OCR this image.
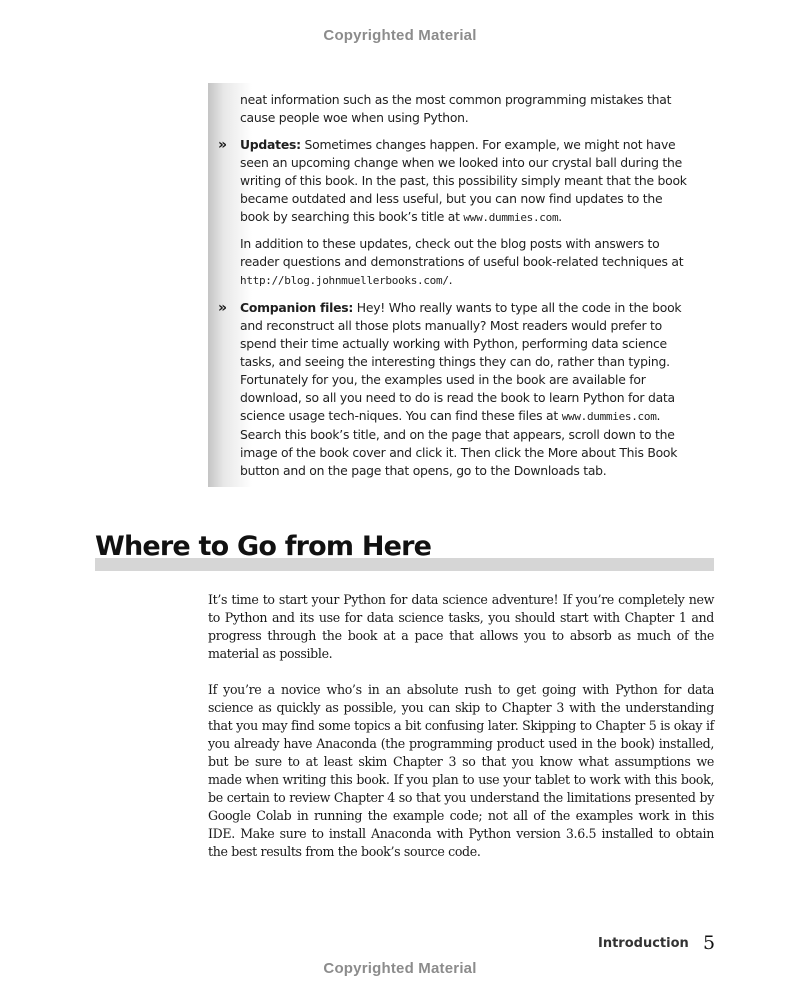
Copyrighted Material

neat information such as the most common programming mistakes that cause people woe when using Python.

»	Updates: Sometimes changes happen. For example, we might not have seen an upcoming change when we looked into our crystal ball during the writing of this book. In the past, this possibility simply meant that the book became outdated and less useful, but you can now find updates to the book by searching this book’s title at www.dummies.com.

In addition to these updates, check out the blog posts with answers to reader questions and demonstrations of useful book-related techniques at http://blog.johnmuellerbooks.com/.

»	Companion files: Hey! Who really wants to type all the code in the book and reconstruct all those plots manually? Most readers would prefer to spend their time actually working with Python, performing data science tasks, and seeing the interesting things they can do, rather than typing. Fortunately for you, the examples used in the book are available for download, so all you need to do is read the book to learn Python for data science usage tech-niques. You can find these files at www.dummies.com. Search this book’s title, and on the page that appears, scroll down to the image of the book cover and click it. Then click the More about This Book button and on the page that opens, go to the Downloads tab.

Where to Go from Here

It’s time to start your Python for data science adventure! If you’re completely new to Python and its use for data science tasks, you should start with Chapter 1 and progress through the book at a pace that allows you to absorb as much of the material as possible.

If you’re a novice who’s in an absolute rush to get going with Python for data science as quickly as possible, you can skip to Chapter 3 with the understanding that you may find some topics a bit confusing later. Skipping to Chapter 5 is okay if you already have Anaconda (the programming product used in the book) installed, but be sure to at least skim Chapter 3 so that you know what assumptions we made when writing this book. If you plan to use your tablet to work with this book, be certain to review Chapter 4 so that you understand the limitations presented by Google Colab in running the example code; not all of the examples work in this IDE. Make sure to install Anaconda with Python version 3.6.5 installed to obtain the best results from the book’s source code.

Introduction 5
Copyrighted Material
